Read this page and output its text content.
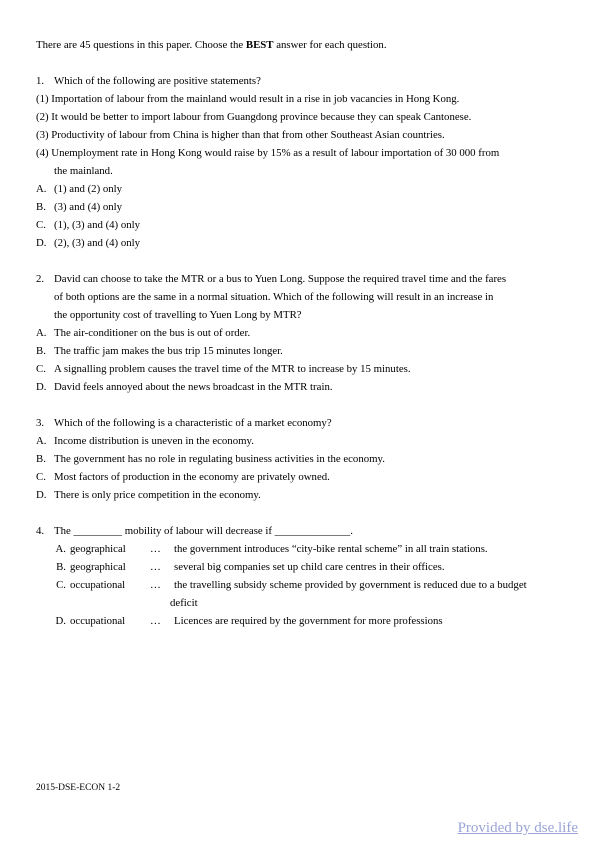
There are 45 questions in this paper. Choose the BEST answer for each question.
1. Which of the following are positive statements?
(1) Importation of labour from the mainland would result in a rise in job vacancies in Hong Kong.
(2) It would be better to import labour from Guangdong province because they can speak Cantonese.
(3) Productivity of labour from China is higher than that from other Southeast Asian countries.
(4) Unemployment rate in Hong Kong would raise by 15% as a result of labour importation of 30 000 from
the mainland.
A. (1) and (2) only
B. (3) and (4) only
C. (1), (3) and (4) only
D. (2), (3) and (4) only
2. David can choose to take the MTR or a bus to Yuen Long. Suppose the required travel time and the fares
of both options are the same in a normal situation. Which of the following will result in an increase in
the opportunity cost of travelling to Yuen Long by MTR?
A. The air-conditioner on the bus is out of order.
B. The traffic jam makes the bus trip 15 minutes longer.
C. A signalling problem causes the travel time of the MTR to increase by 15 minutes.
D. David feels annoyed about the news broadcast in the MTR train.
3. Which of the following is a characteristic of a market economy?
A. Income distribution is uneven in the economy.
B. The government has no role in regulating business activities in the economy.
C. Most factors of production in the economy are privately owned.
D. There is only price competition in the economy.
4. The _________ mobility of labour will decrease if ______________.
A. geographical	…	the government introduces “city-bike rental scheme” in all train stations.
B. geographical	…	several big companies set up child care centres in their offices.
C. occupational	…	the travelling subsidy scheme provided by government is reduced due to a budget
deficit
D. occupational	…	Licences are required by the government for more professions
2015-DSE-ECON 1-2
Provided by dse.life
